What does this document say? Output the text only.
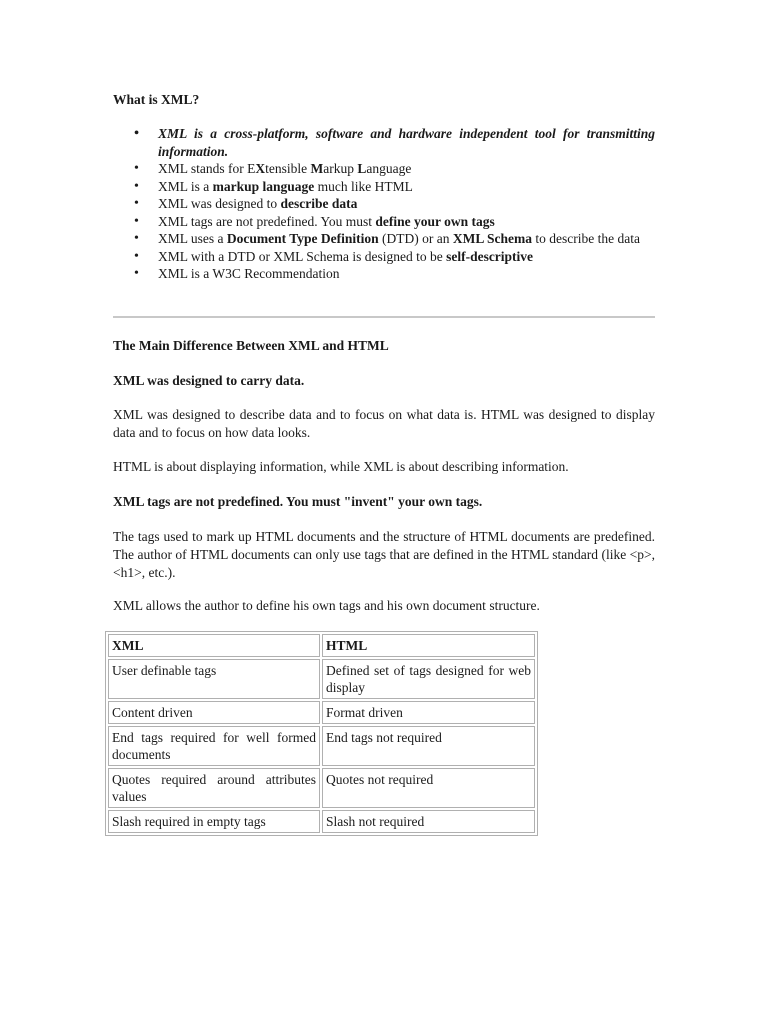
What is XML?
• XML is a cross-platform, software and hardware independent tool for transmitting information.
• XML stands for EXtensible Markup Language
• XML is a markup language much like HTML
• XML was designed to describe data
• XML tags are not predefined. You must define your own tags
• XML uses a Document Type Definition (DTD) or an XML Schema to describe the data
• XML with a DTD or XML Schema is designed to be self-descriptive
• XML is a W3C Recommendation
The Main Difference Between XML and HTML
XML was designed to carry data.
XML was designed to describe data and to focus on what data is. HTML was designed to display data and to focus on how data looks.
HTML is about displaying information, while XML is about describing information.
XML tags are not predefined. You must "invent" your own tags.
The tags used to mark up HTML documents and the structure of HTML documents are predefined. The author of HTML documents can only use tags that are defined in the HTML standard (like <p>, <h1>, etc.).
XML allows the author to define his own tags and his own document structure.
XML	HTML
User definable tags	Defined set of tags designed for web display
Content driven	Format driven
End tags required for well formed documents	End tags not required
Quotes required around attributes values	Quotes not required
Slash required in empty tags	Slash not required
